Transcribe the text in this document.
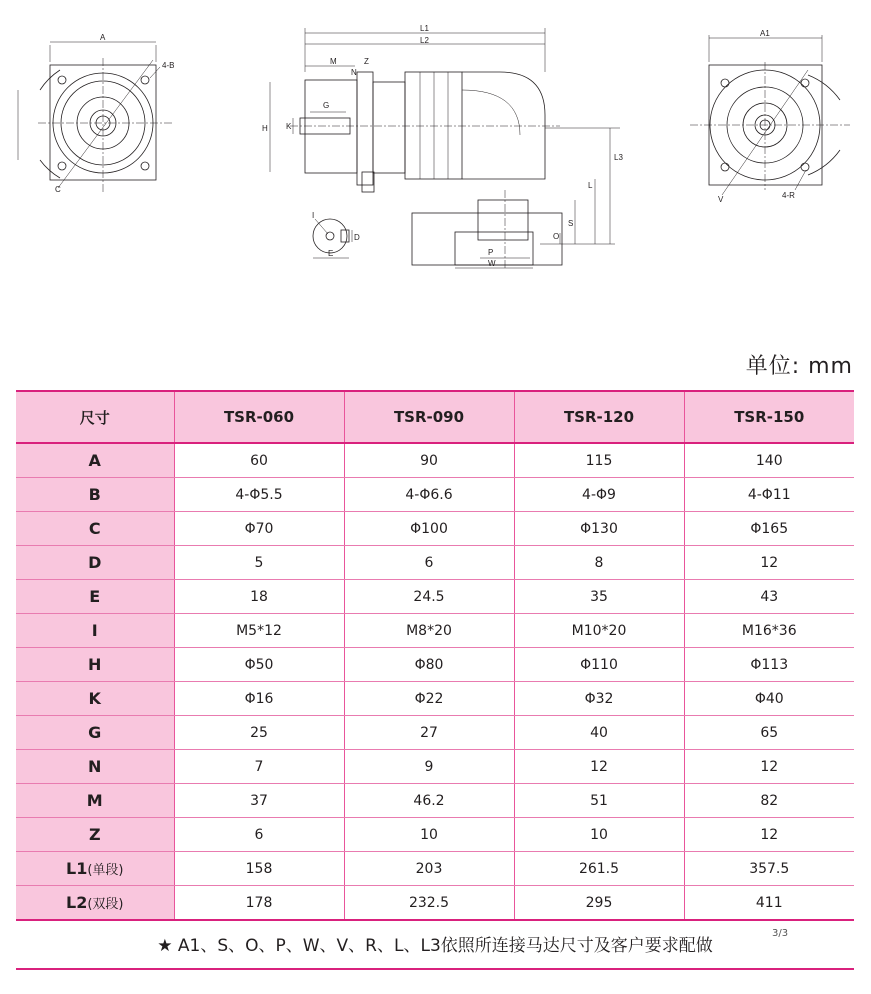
A
4-B
C
L1
L2
M	Z
N
G
H K
L3
L
S
O
P
W
I
D
E
A1
V	4-R
单位: mm
尺寸	TSR-060	TSR-090	TSR-120	TSR-150
A	60	90	115	140
B	4-Φ5.5	4-Φ6.6	4-Φ9	4-Φ11
C	Φ70	Φ100	Φ130	Φ165
D	5	6	8	12
E	18	24.5	35	43
I	M5*12	M8*20	M10*20	M16*36
H	Φ50	Φ80	Φ110	Φ113
K	Φ16	Φ22	Φ32	Φ40
G	25	27	40	65
N	7	9	12	12
M	37	46.2	51	82
Z	6	10	10	12
L1(单段)	158	203	261.5	357.5
L2(双段)	178	232.5	295	411
★ A1、S、O、P、W、V、R、L、L3依照所连接马达尺寸及客户要求配做
3/3
